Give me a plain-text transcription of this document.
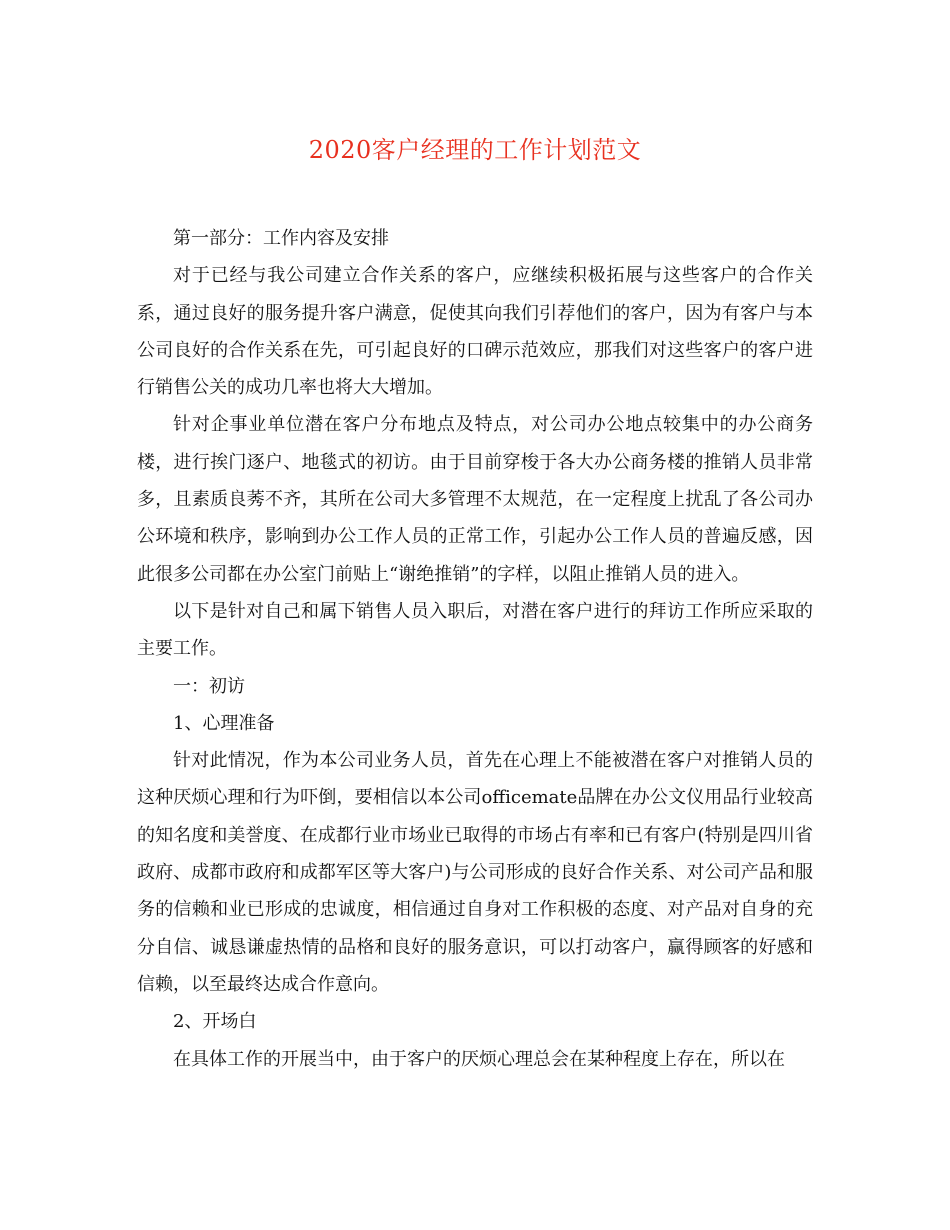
2020客户经理的工作计划范文

第一部分：工作内容及安排

对于已经与我公司建立合作关系的客户，应继续积极拓展与这些客户的合作关系，通过良好的服务提升客户满意，促使其向我们引荐他们的客户，因为有客户与本公司良好的合作关系在先，可引起良好的口碑示范效应，那我们对这些客户的客户进行销售公关的成功几率也将大大增加。

针对企事业单位潜在客户分布地点及特点，对公司办公地点较集中的办公商务楼，进行挨门逐户、地毯式的初访。由于目前穿梭于各大办公商务楼的推销人员非常多，且素质良莠不齐，其所在公司大多管理不太规范，在一定程度上扰乱了各公司办公环境和秩序，影响到办公工作人员的正常工作，引起办公工作人员的普遍反感，因此很多公司都在办公室门前贴上“谢绝推销”的字样，以阻止推销人员的进入。

以下是针对自己和属下销售人员入职后，对潜在客户进行的拜访工作所应采取的主要工作。

一：初访

1、心理准备

针对此情况，作为本公司业务人员，首先在心理上不能被潜在客户对推销人员的这种厌烦心理和行为吓倒，要相信以本公司officemate品牌在办公文仪用品行业较高的知名度和美誉度、在成都行业市场业已取得的市场占有率和已有客户(特别是四川省政府、成都市政府和成都军区等大客户)与公司形成的良好合作关系、对公司产品和服务的信赖和业已形成的忠诚度，相信通过自身对工作积极的态度、对产品对自身的充分自信、诚恳谦虚热情的品格和良好的服务意识，可以打动客户，赢得顾客的好感和信赖，以至最终达成合作意向。

2、开场白

在具体工作的开展当中，由于客户的厌烦心理总会在某种程度上存在，所以在
